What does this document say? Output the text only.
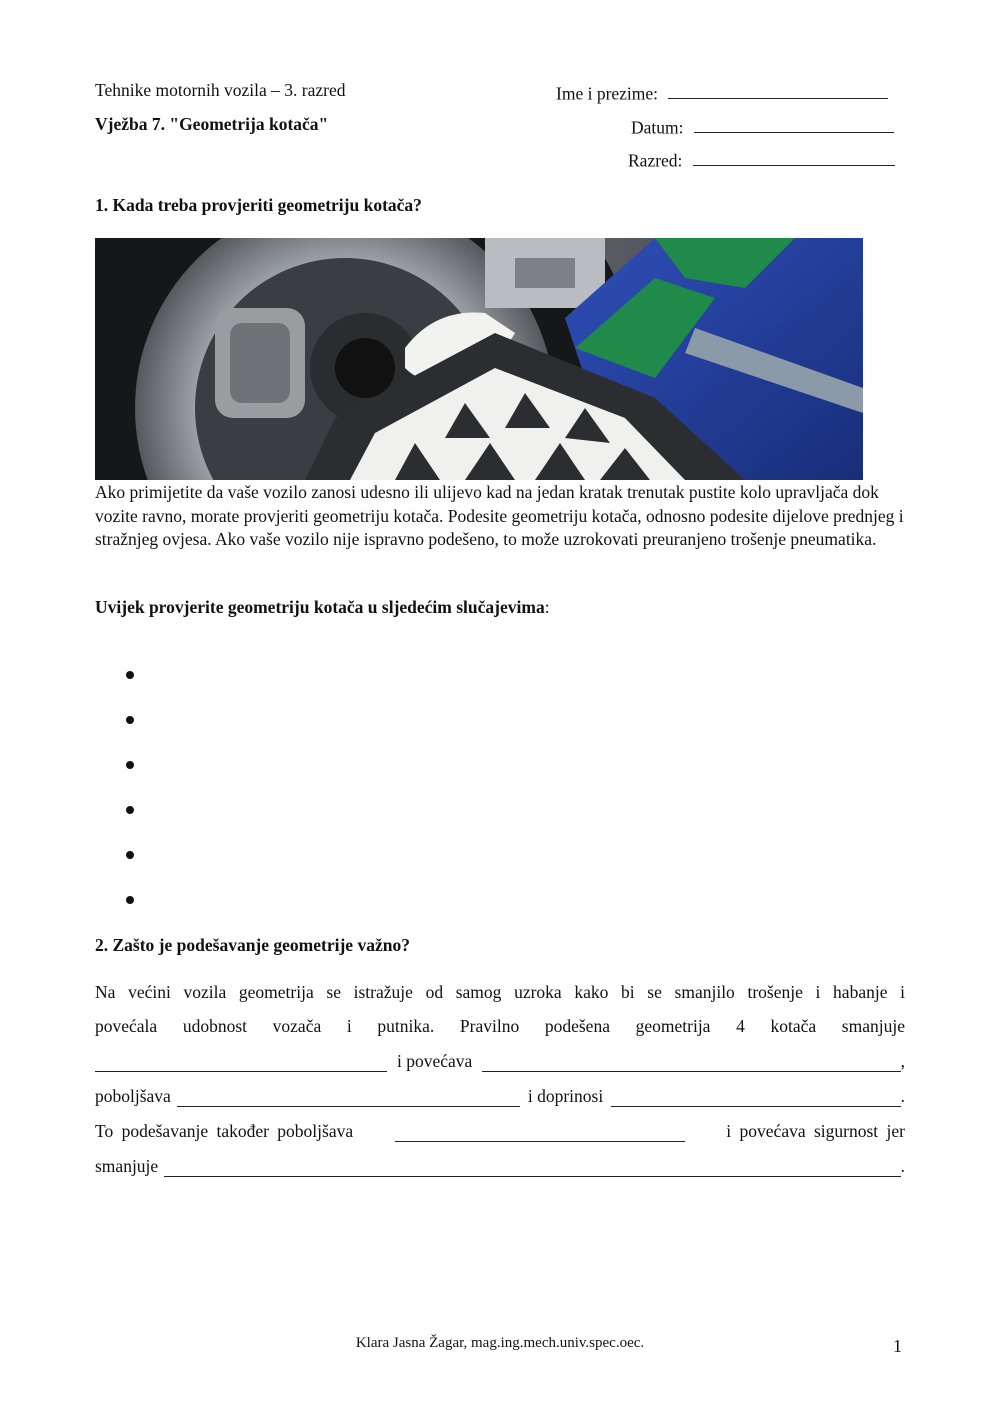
Tehnike motornih vozila – 3. razred
Vježba 7. "Geometrija kotača"
Ime i prezime:
Datum:
Razred:
1. Kada treba provjeriti geometriju kotača?
Ako primijetite da vaše vozilo zanosi udesno ili ulijevo kad na jedan kratak trenutak pustite kolo upravljača dok vozite ravno, morate provjeriti geometriju kotača. Podesite geometriju kotača, odnosno podesite dijelove prednjeg i stražnjeg ovjesa. Ako vaše vozilo nije ispravno podešeno, to može uzrokovati preuranjeno trošenje pneumatika.
Uvijek provjerite geometriju kotača u sljedećim slučajevima:
2. Zašto je podešavanje geometrije važno?
Na većini vozila geometrija se istražuje od samog uzroka kako bi se smanjilo trošenje i habanje i
povećala udobnost vozača i putnika. Pravilno podešena geometrija 4 kotača smanjuje
i povećava	,
poboljšava	i doprinosi	.
To podešavanje također poboljšava	i povećava sigurnost jer
smanjuje	.
Klara Jasna Žagar, mag.ing.mech.univ.spec.oec.	1
